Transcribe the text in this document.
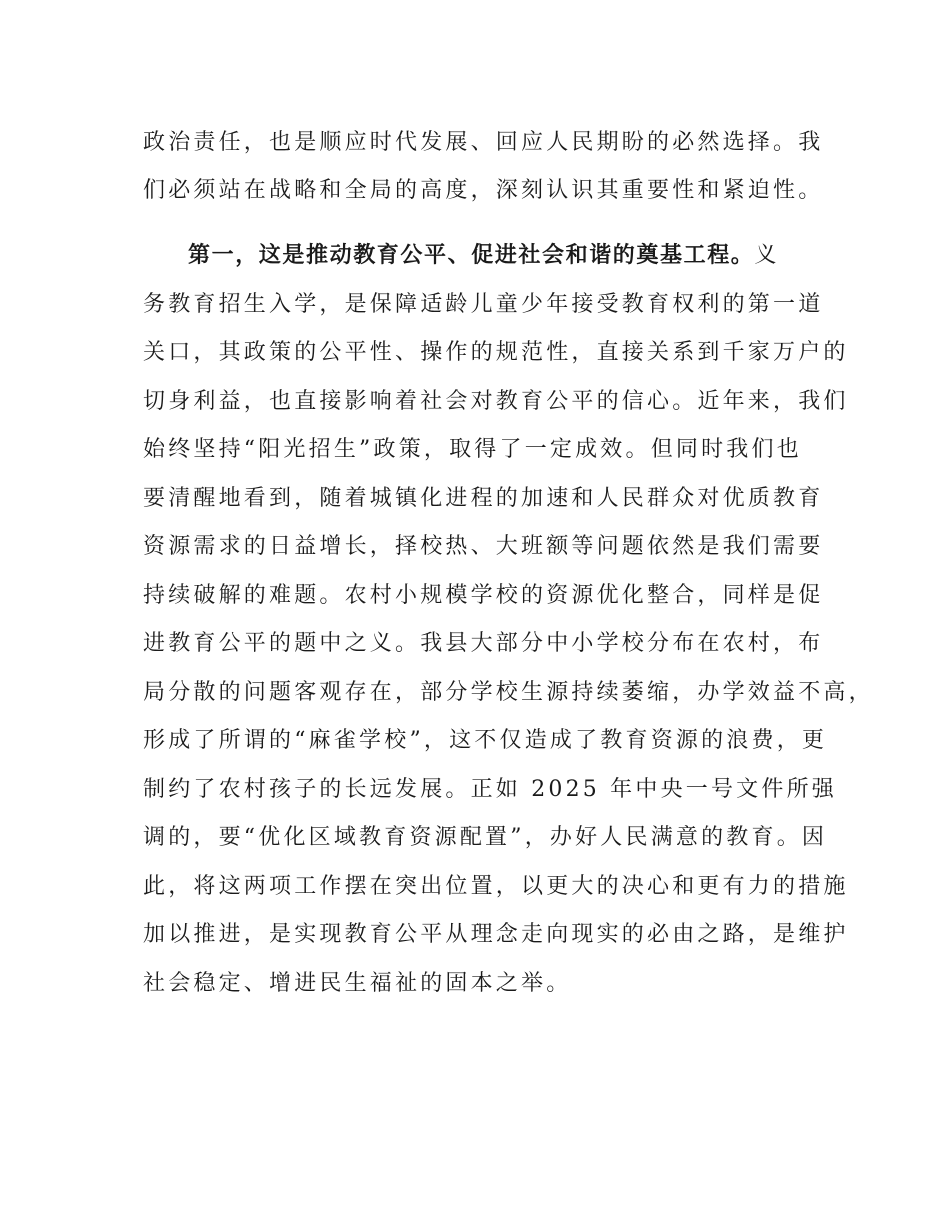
政治责任，也是顺应时代发展、回应人民期盼的必然选择。我
们必须站在战略和全局的高度，深刻认识其重要性和紧迫性。
第一，这是推动教育公平、促进社会和谐的奠基工程。义
务教育招生入学，是保障适龄儿童少年接受教育权利的第一道
关口，其政策的公平性、操作的规范性，直接关系到千家万户的
切身利益，也直接影响着社会对教育公平的信心。近年来，我们
始终坚持“阳光招生”政策，取得了一定成效。但同时我们也
要清醒地看到，随着城镇化进程的加速和人民群众对优质教育
资源需求的日益增长，择校热、大班额等问题依然是我们需要
持续破解的难题。农村小规模学校的资源优化整合，同样是促
进教育公平的题中之义。我县大部分中小学校分布在农村，布
局分散的问题客观存在，部分学校生源持续萎缩，办学效益不高，
形成了所谓的“麻雀学校”，这不仅造成了教育资源的浪费，更
制约了农村孩子的长远发展。正如 2025 年中央一号文件所强
调的，要“优化区域教育资源配置”，办好人民满意的教育。因
此，将这两项工作摆在突出位置，以更大的决心和更有力的措施
加以推进，是实现教育公平从理念走向现实的必由之路，是维护
社会稳定、增进民生福祉的固本之举。
